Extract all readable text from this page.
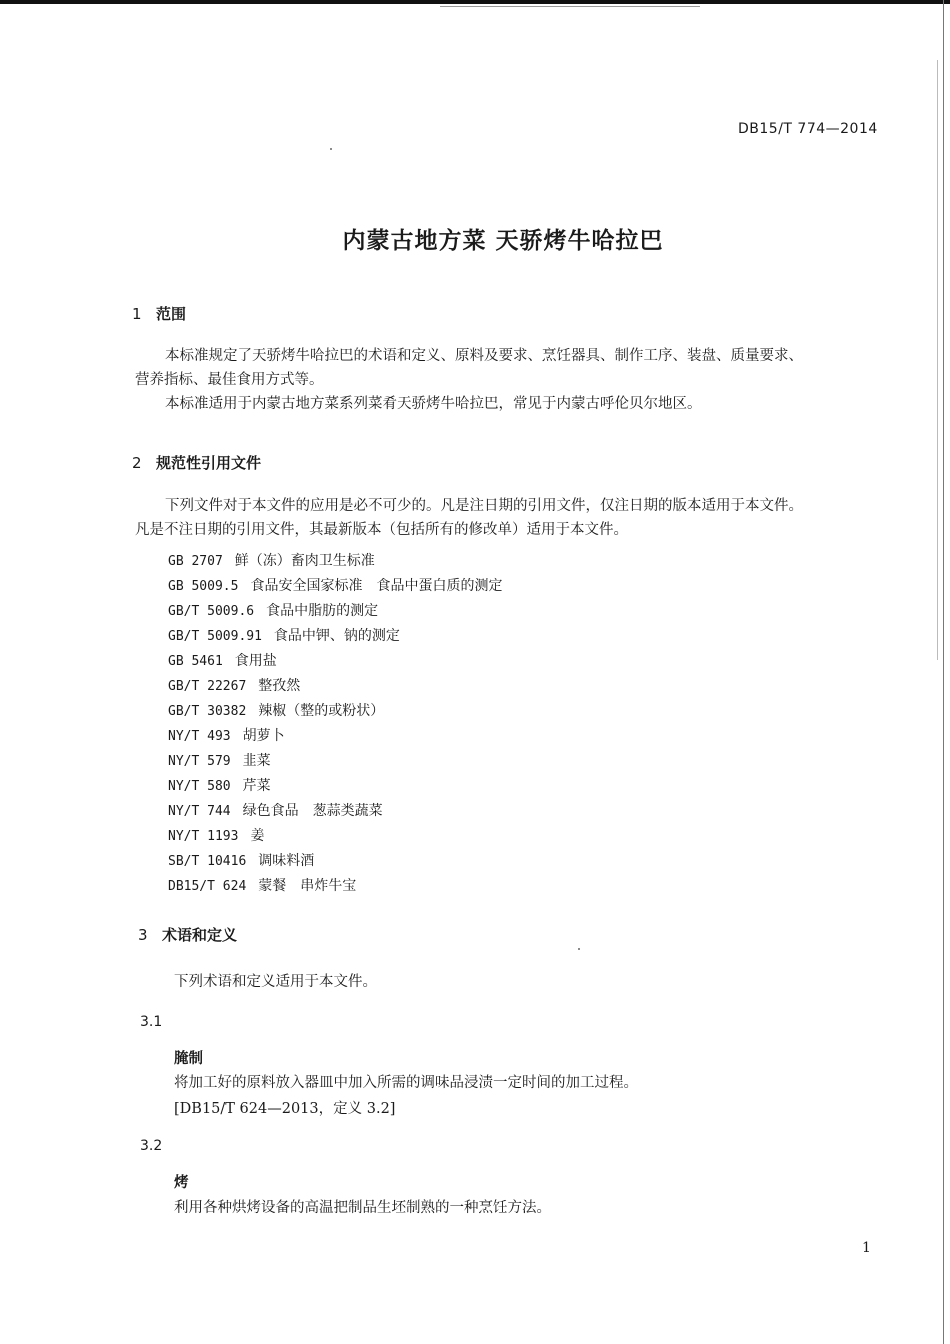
DB15/T 774—2014
内蒙古地方菜 天骄烤牛哈拉巴
1 范围
本标准规定了天骄烤牛哈拉巴的术语和定义、原料及要求、烹饪器具、制作工序、装盘、质量要求、
营养指标、最佳食用方式等。
本标准适用于内蒙古地方菜系列菜肴天骄烤牛哈拉巴，常见于内蒙古呼伦贝尔地区。
2 规范性引用文件
下列文件对于本文件的应用是必不可少的。凡是注日期的引用文件，仅注日期的版本适用于本文件。
凡是不注日期的引用文件，其最新版本（包括所有的修改单）适用于本文件。
GB 2707 鲜（冻）畜肉卫生标准
GB 5009.5 食品安全国家标准　食品中蛋白质的测定
GB/T 5009.6 食品中脂肪的测定
GB/T 5009.91 食品中钾、钠的测定
GB 5461 食用盐
GB/T 22267 整孜然
GB/T 30382 辣椒（整的或粉状）
NY/T 493 胡萝卜
NY/T 579 韭菜
NY/T 580 芹菜
NY/T 744 绿色食品　葱蒜类蔬菜
NY/T 1193 姜
SB/T 10416 调味料酒
DB15/T 624 蒙餐　串炸牛宝
3 术语和定义
下列术语和定义适用于本文件。
3.1
腌制
将加工好的原料放入器皿中加入所需的调味品浸渍一定时间的加工过程。
[DB15/T 624—2013，定义 3.2]
3.2
烤
利用各种烘烤设备的高温把制品生坯制熟的一种烹饪方法。
1
